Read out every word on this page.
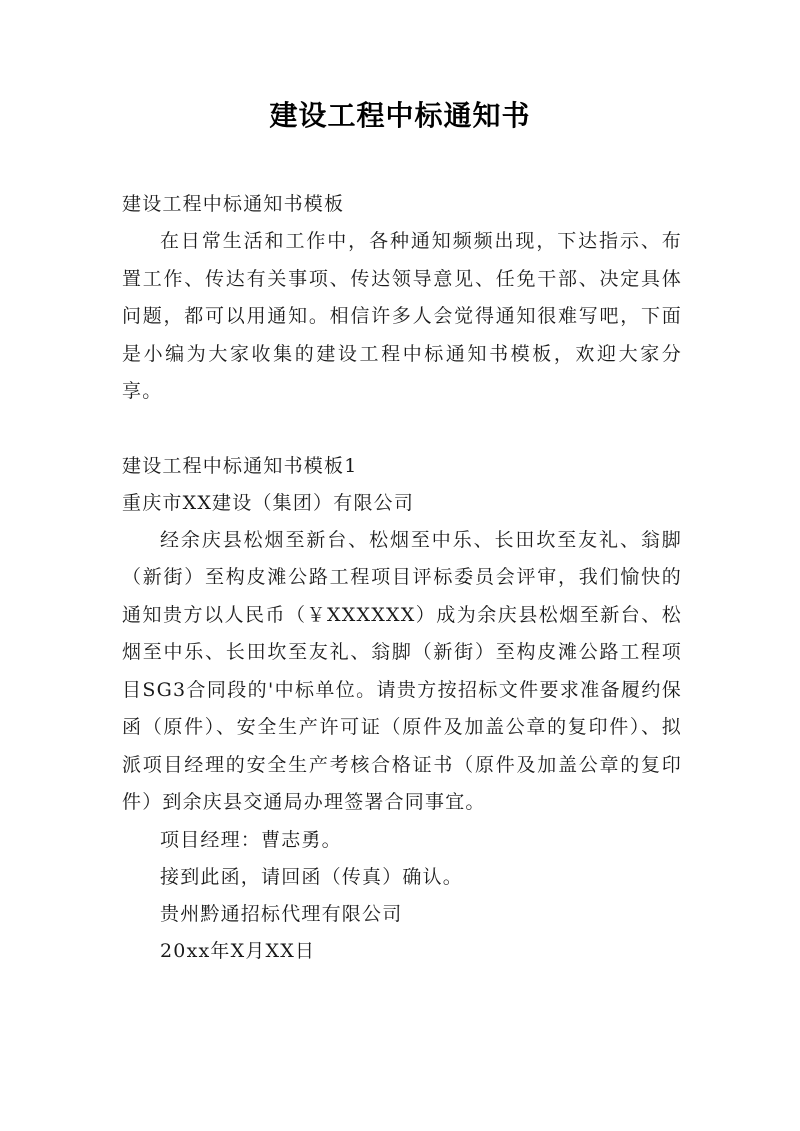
建设工程中标通知书
建设工程中标通知书模板
在日常生活和工作中，各种通知频频出现，下达指示、布置工作、传达有关事项、传达领导意见、任免干部、决定具体问题，都可以用通知。相信许多人会觉得通知很难写吧，下面是小编为大家收集的建设工程中标通知书模板，欢迎大家分享。
建设工程中标通知书模板1
重庆市XX建设（集团）有限公司
经余庆县松烟至新台、松烟至中乐、长田坎至友礼、翁脚（新街）至构皮滩公路工程项目评标委员会评审，我们愉快的通知贵方以人民币（￥XXXXXX）成为余庆县松烟至新台、松烟至中乐、长田坎至友礼、翁脚（新街）至构皮滩公路工程项目SG3合同段的'中标单位。请贵方按招标文件要求准备履约保函（原件）、安全生产许可证（原件及加盖公章的复印件）、拟派项目经理的安全生产考核合格证书（原件及加盖公章的复印件）到余庆县交通局办理签署合同事宜。
项目经理：曹志勇。
接到此函，请回函（传真）确认。
贵州黔通招标代理有限公司
20xx年X月XX日
